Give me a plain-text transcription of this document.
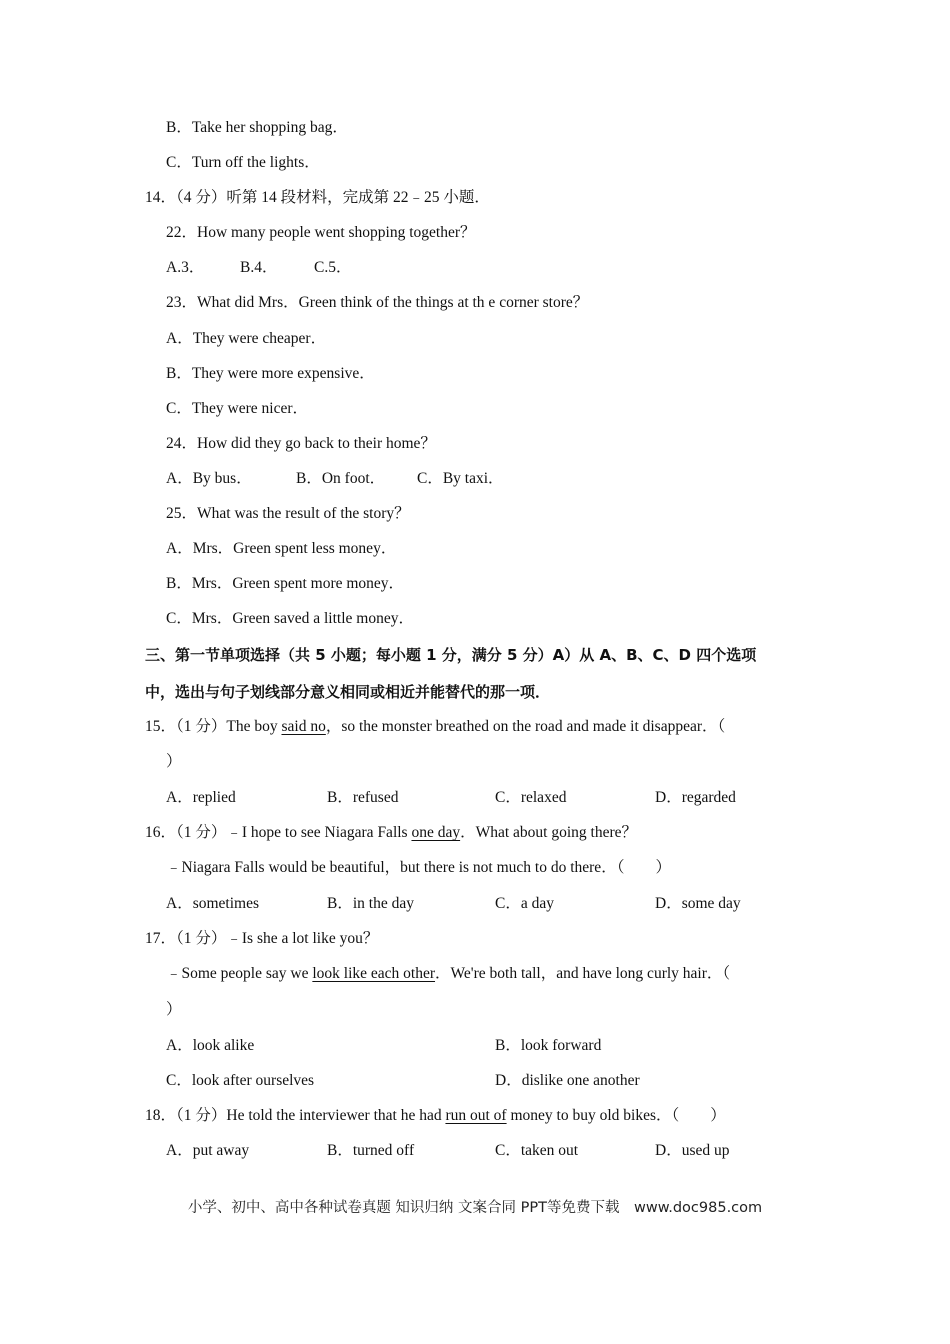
B．Take her shopping bag．
C．Turn off the lights．
14．（4 分）听第 14 段材料，完成第 22﹣25 小题．
22．How many people went shopping together？
A.3． B.4． C.5．
23．What did Mrs．Green think of the things at th e corner store？
A．They were cheaper．
B．They were more expensive．
C．They were nicer．
24．How did they go back to their home？
A．By bus．	B．On foot． C．By taxi．
25．What was the result of the story？
A．Mrs．Green spent less money．
B．Mrs．Green spent more money．
C．Mrs．Green saved a little money．
三、第一节单项选择（共 5 小题；每小题 1 分，满分 5 分）A）从 A、B、C、D 四个选项
中，选出与句子划线部分意义相同或相近并能替代的那一项．
15．（1 分）The boy said no，so the monster breathed on the road and made it disappear．（
）
A．replied	B．refused	C．relaxed	D．regarded
16．（1 分）﹣I hope to see Niagara Falls one day．What about going there？
﹣Niagara Falls would be beautiful，but there is not much to do there．（　　）
A．sometimes	B．in the day	C．a day	D．some day
17．（1 分）﹣Is she a lot like you？
﹣Some people say we look like each other．We're both tall，and have long curly hair．（
）
A．look alike	B．look forward
C．look after ourselves	D．dislike one another
18．（1 分）He told the interviewer that he had run out of money to buy old bikes．（　　）
A．put away	B．turned off	C．taken out	D．used up
小学、初中、高中各种试卷真题 知识归纳 文案合同 PPT等免费下载　www.doc985.com
